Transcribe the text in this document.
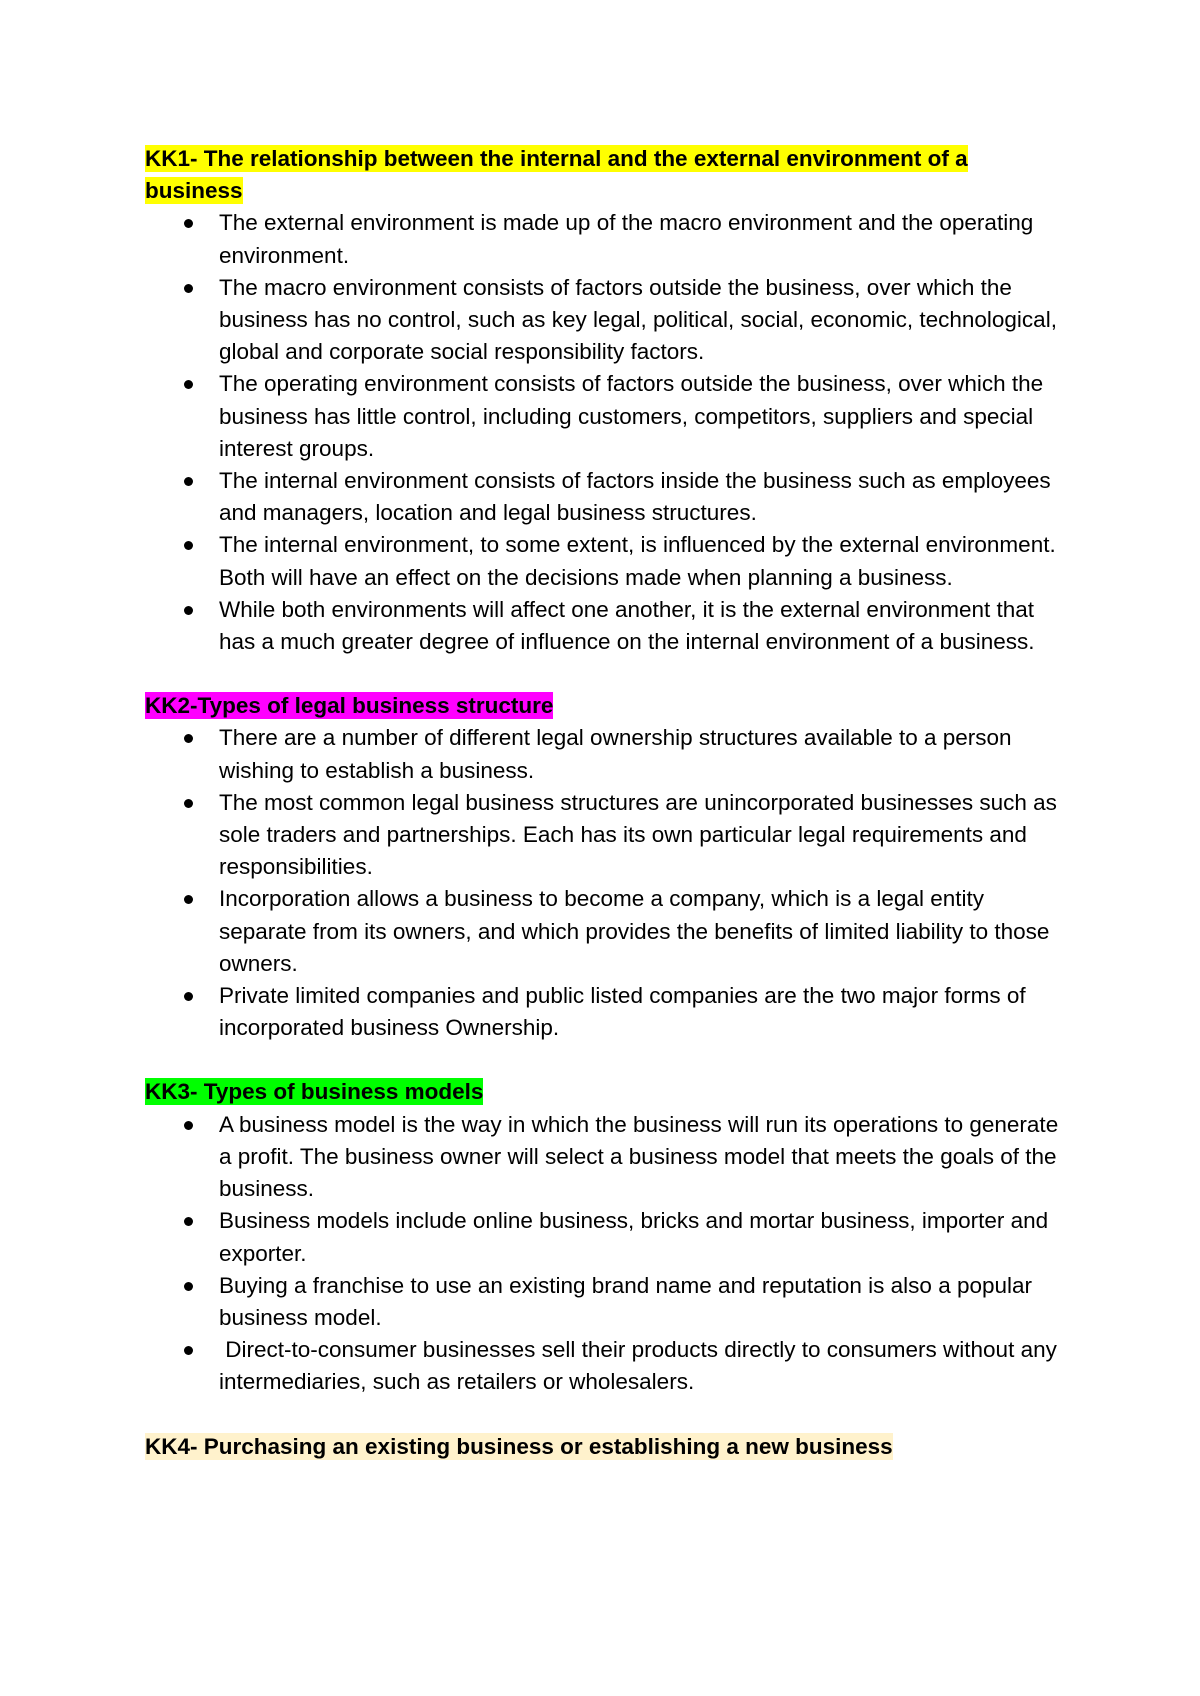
KK1- The relationship between the internal and the external environment of a business

The external environment is made up of the macro environment and the operating environment.
The macro environment consists of factors outside the business, over which the business has no control, such as key legal, political, social, economic, technological, global and corporate social responsibility factors.
The operating environment consists of factors outside the business, over which the business has little control, including customers, competitors, suppliers and special interest groups.
The internal environment consists of factors inside the business such as employees and managers, location and legal business structures.
The internal environment, to some extent, is influenced by the external environment. Both will have an effect on the decisions made when planning a business.
While both environments will affect one another, it is the external environment that has a much greater degree of influence on the internal environment of a business.

KK2-Types of legal business structure

There are a number of different legal ownership structures available to a person wishing to establish a business.
The most common legal business structures are unincorporated businesses such as sole traders and partnerships. Each has its own particular legal requirements and responsibilities.
Incorporation allows a business to become a company, which is a legal entity separate from its owners, and which provides the benefits of limited liability to those owners.
Private limited companies and public listed companies are the two major forms of incorporated business Ownership.

KK3- Types of business models

A business model is the way in which the business will run its operations to generate a profit. The business owner will select a business model that meets the goals of the business.
Business models include online business, bricks and mortar business, importer and exporter.
Buying a franchise to use an existing brand name and reputation is also a popular business model.
Direct-to-consumer businesses sell their products directly to consumers without any intermediaries, such as retailers or wholesalers.

KK4- Purchasing an existing business or establishing a new business
